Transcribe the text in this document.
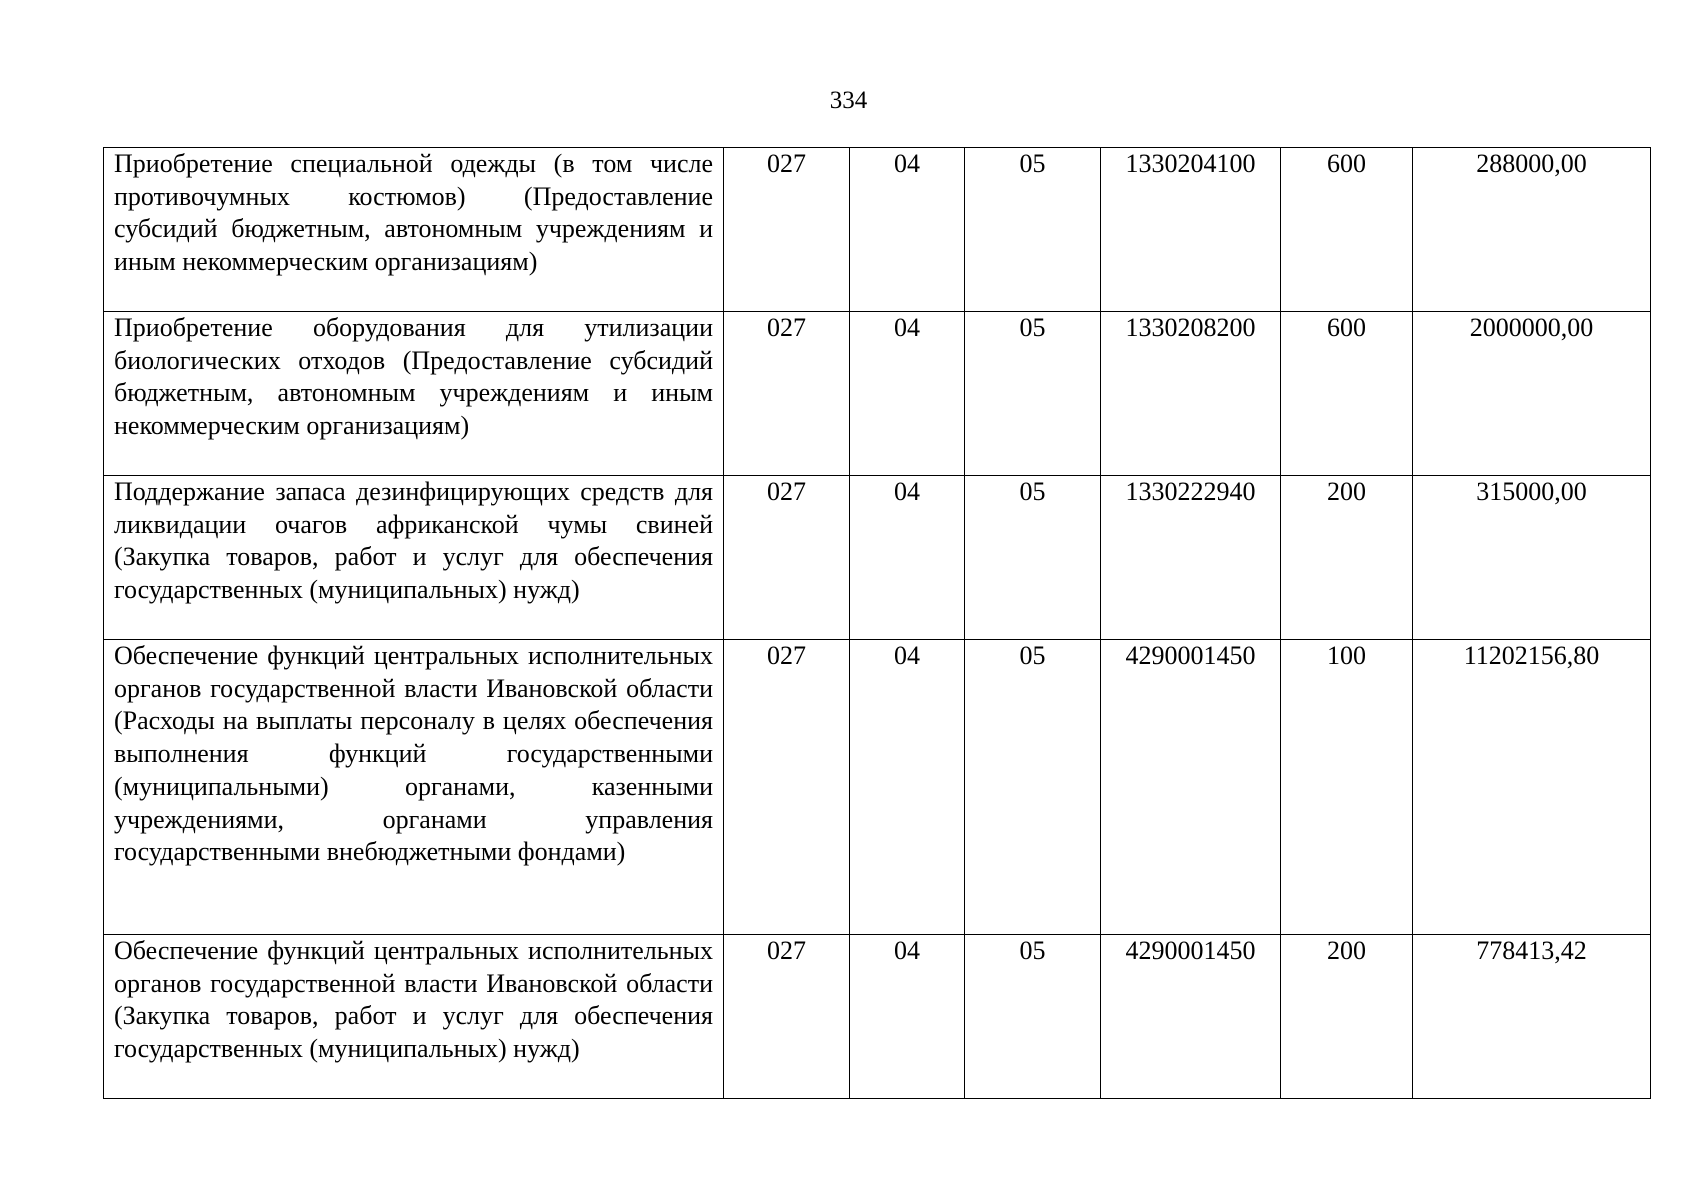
334
Приобретение специальной одежды (в том числе противочумных костюмов) (Предоставление субсидий бюджетным, автономным учреждениям и иным некоммерческим организациям)	027	04	05	1330204100	600	288000,00
Приобретение оборудования для утилизации биологических отходов (Предоставление субсидий бюджетным, автономным учреждениям и иным некоммерческим организациям)	027	04	05	1330208200	600	2000000,00
Поддержание запаса дезинфицирующих средств для ликвидации очагов африканской чумы свиней (Закупка товаров, работ и услуг для обеспечения государственных (муниципальных) нужд)	027	04	05	1330222940	200	315000,00
Обеспечение функций центральных исполнительных органов государственной власти Ивановской области (Расходы на выплаты персоналу в целях обеспечения выполнения функций государственными (муниципальными) органами, казенными учреждениями, органами управления государственными внебюджетными фондами)	027	04	05	4290001450	100	11202156,80
Обеспечение функций центральных исполнительных органов государственной власти Ивановской области (Закупка товаров, работ и услуг для обеспечения государственных (муниципальных) нужд)	027	04	05	4290001450	200	778413,42
